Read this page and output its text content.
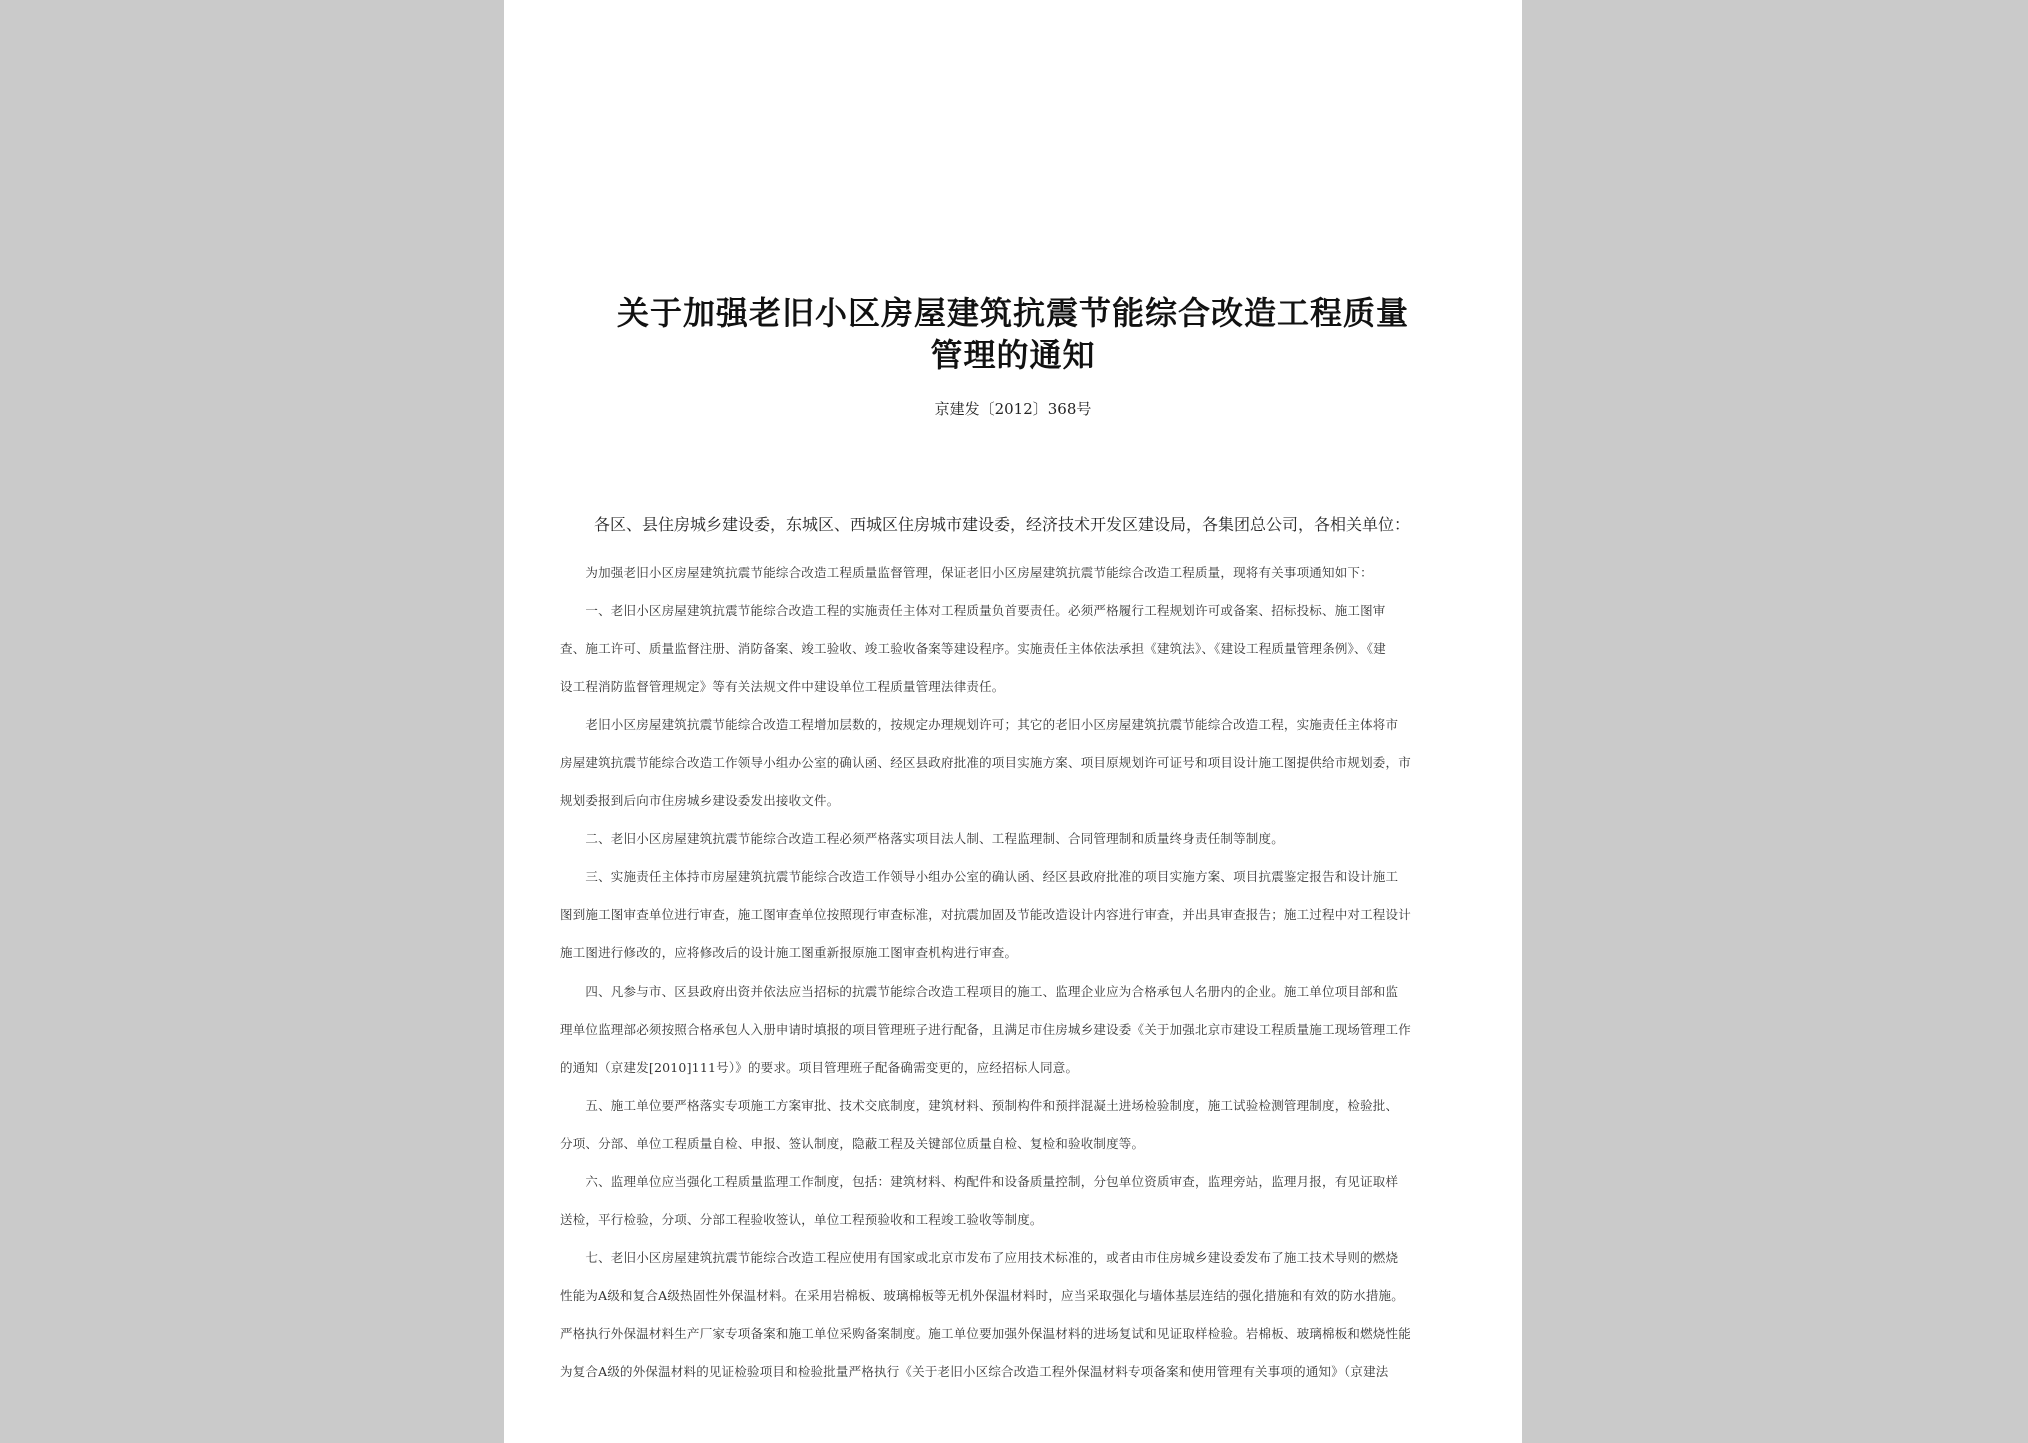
关于加强老旧小区房屋建筑抗震节能综合改造工程质量
管理的通知
京建发〔2012〕368号
各区、县住房城乡建设委，东城区、西城区住房城市建设委，经济技术开发区建设局，各集团总公司，各相关单位：
　　为加强老旧小区房屋建筑抗震节能综合改造工程质量监督管理，保证老旧小区房屋建筑抗震节能综合改造工程质量，现将有关事项通知如下：
　　一、老旧小区房屋建筑抗震节能综合改造工程的实施责任主体对工程质量负首要责任。必须严格履行工程规划许可或备案、招标投标、施工图审
查、施工许可、质量监督注册、消防备案、竣工验收、竣工验收备案等建设程序。实施责任主体依法承担《建筑法》、《建设工程质量管理条例》、《建
设工程消防监督管理规定》等有关法规文件中建设单位工程质量管理法律责任。
　　老旧小区房屋建筑抗震节能综合改造工程增加层数的，按规定办理规划许可；其它的老旧小区房屋建筑抗震节能综合改造工程，实施责任主体将市
房屋建筑抗震节能综合改造工作领导小组办公室的确认函、经区县政府批准的项目实施方案、项目原规划许可证号和项目设计施工图提供给市规划委，市
规划委报到后向市住房城乡建设委发出接收文件。
　　二、老旧小区房屋建筑抗震节能综合改造工程必须严格落实项目法人制、工程监理制、合同管理制和质量终身责任制等制度。
　　三、实施责任主体持市房屋建筑抗震节能综合改造工作领导小组办公室的确认函、经区县政府批准的项目实施方案、项目抗震鉴定报告和设计施工
图到施工图审查单位进行审查，施工图审查单位按照现行审查标准，对抗震加固及节能改造设计内容进行审查，并出具审查报告；施工过程中对工程设计
施工图进行修改的，应将修改后的设计施工图重新报原施工图审查机构进行审查。
　　四、凡参与市、区县政府出资并依法应当招标的抗震节能综合改造工程项目的施工、监理企业应为合格承包人名册内的企业。施工单位项目部和监
理单位监理部必须按照合格承包人入册申请时填报的项目管理班子进行配备，且满足市住房城乡建设委《关于加强北京市建设工程质量施工现场管理工作
的通知（京建发[2010]111号）》的要求。项目管理班子配备确需变更的，应经招标人同意。
　　五、施工单位要严格落实专项施工方案审批、技术交底制度，建筑材料、预制构件和预拌混凝土进场检验制度，施工试验检测管理制度，检验批、
分项、分部、单位工程质量自检、申报、签认制度，隐蔽工程及关键部位质量自检、复检和验收制度等。
　　六、监理单位应当强化工程质量监理工作制度，包括：建筑材料、构配件和设备质量控制，分包单位资质审查，监理旁站，监理月报，有见证取样
送检，平行检验，分项、分部工程验收签认，单位工程预验收和工程竣工验收等制度。
　　七、老旧小区房屋建筑抗震节能综合改造工程应使用有国家或北京市发布了应用技术标准的，或者由市住房城乡建设委发布了施工技术导则的燃烧
性能为A级和复合A级热固性外保温材料。在采用岩棉板、玻璃棉板等无机外保温材料时，应当采取强化与墙体基层连结的强化措施和有效的防水措施。
严格执行外保温材料生产厂家专项备案和施工单位采购备案制度。施工单位要加强外保温材料的进场复试和见证取样检验。岩棉板、玻璃棉板和燃烧性能
为复合A级的外保温材料的见证检验项目和检验批量严格执行《关于老旧小区综合改造工程外保温材料专项备案和使用管理有关事项的通知》（京建法
